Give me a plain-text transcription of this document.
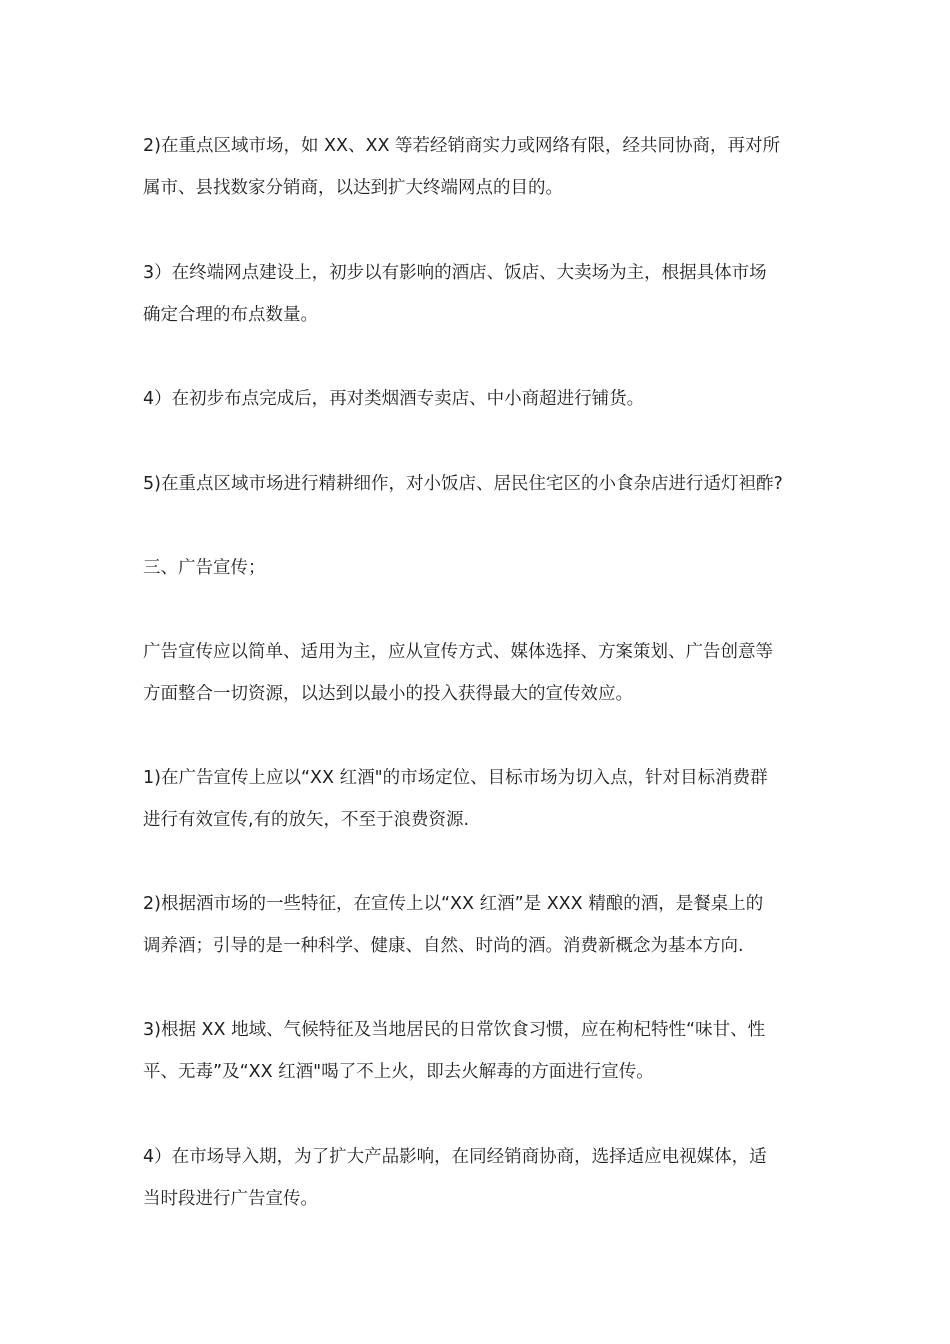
2)在重点区域市场，如 XX、XX 等若经销商实力或网络有限，经共同协商，再对所
属市、县找数家分销商，以达到扩大终端网点的目的。

3）在终端网点建设上，初步以有影响的酒店、饭店、大卖场为主，根据具体市场
确定合理的布点数量。

4）在初步布点完成后，再对类烟酒专卖店、中小商超进行铺货。

5)在重点区域市场进行精耕细作，对小饭店、居民住宅区的小食杂店进行适灯袒酢?

三、广告宣传；

广告宣传应以简单、适用为主，应从宣传方式、媒体选择、方案策划、广告创意等
方面整合一切资源，以达到以最小的投入获得最大的宣传效应。

1)在广告宣传上应以“XX 红酒"的市场定位、目标市场为切入点，针对目标消费群
进行有效宣传,有的放矢，不至于浪费资源.

2)根据酒市场的一些特征，在宣传上以“XX 红酒”是 XXX 精酿的酒，是餐桌上的
调养酒；引导的是一种科学、健康、自然、时尚的酒。消费新概念为基本方向.

3)根据 XX 地域、气候特征及当地居民的日常饮食习惯，应在枸杞特性“味甘、性
平、无毒”及“XX 红酒"喝了不上火，即去火解毒的方面进行宣传。

4）在市场导入期，为了扩大产品影响，在同经销商协商，选择适应电视媒体，适
当时段进行广告宣传。
